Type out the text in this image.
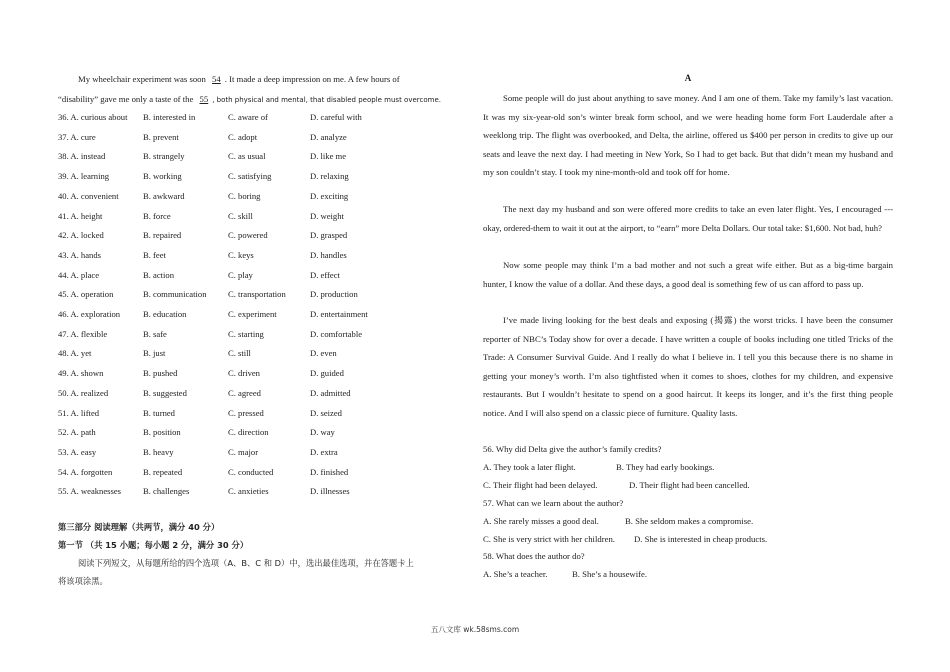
My wheelchair experiment was soon 54 . It made a deep impression on me. A few hours of
“disability” gave me only a taste of the 55 , both physical and mental, that disabled people must overcome.
36. A. curious about B. interested in	C. aware of	D. careful with
37. A. cure	B. prevent	C. adopt	D. analyze
38. A. instead	B. strangely	C. as usual	D. like me
39. A. learning	B. working	C. satisfying	D. relaxing
40. A. convenient	B. awkward	C. boring	D. exciting
41. A. height	B. force	C. skill	D. weight
42. A. locked	B. repaired	C. powered	D. grasped
43. A. hands	B. feet	C. keys	D. handles
44. A. place	B. action	C. play	D. effect
45. A. operation	B. communication	C. transportation	D. production
46. A. exploration	B. education	C. experiment	D. entertainment
47. A. flexible	B. safe	C. starting	D. comfortable
48. A. yet	B. just	C. still	D. even
49. A. shown	B. pushed	C. driven	D. guided
50. A. realized	B. suggested	C. agreed	D. admitted
51. A. lifted	B. turned	C. pressed	D. seized
52. A. path	B. position	C. direction	D. way
53. A. easy	B. heavy	C. major	D. extra
54. A. forgotten	B. repeated	C. conducted	D. finished
55. A. weaknesses	B. challenges	C. anxieties	D. illnesses
第三部分 阅读理解（共两节，满分 40 分）
第一节 （共 15 小题；每小题 2 分，满分 30 分）
阅读下列短文，从每题所给的四个选项（A、B、C 和 D）中，选出最佳选项，并在答题卡上
将该项涂黑。
A
Some people will do just about anything to save money. And I am one of them. Take my family’s last vacation. It was my six-year-old son’s winter break form school, and we were heading home form Fort Lauderdale after a weeklong trip. The flight was overbooked, and Delta, the airline, offered us $400 per person in credits to give up our seats and leave the next day. I had meeting in New York, So I had to get back. But that didn’t mean my husband and my son couldn’t stay. I took my nine-month-old and took off for home.
The next day my husband and son were offered more credits to take an even later flight. Yes, I encouraged --- okay, ordered-them to wait it out at the airport, to “earn” more Delta Dollars. Our total take: $1,600. Not bad, huh?
Now some people may think I’m a bad mother and not such a great wife either. But as a big-time bargain hunter, I know the value of a dollar. And these days, a good deal is something few of us can afford to pass up.
I’ve made living looking for the best deals and exposing (揭露) the worst tricks. I have been the consumer reporter of NBC’s Today show for over a decade. I have written a couple of books including one titled Tricks of the Trade: A Consumer Survival Guide. And I really do what I believe in. I tell you this because there is no shame in getting your money’s worth. I’m also tightfisted when it comes to shoes, clothes for my children, and expensive restaurants. But I wouldn’t hesitate to spend on a good haircut. It keeps its longer, and it’s the first thing people notice. And I will also spend on a classic piece of furniture. Quality lasts.
56. Why did Delta give the author’s family credits?
A. They took a later flight.	B. They had early bookings.
C. Their flight had been delayed.	D. Their flight had been cancelled.
57. What can we learn about the author?
A. She rarely misses a good deal.	B. She seldom makes a compromise.
C. She is very strict with her children. D. She is interested in cheap products.
58. What does the author do?
A. She’s a teacher.	B. She’s a housewife.
五八文库 wk.58sms.com
